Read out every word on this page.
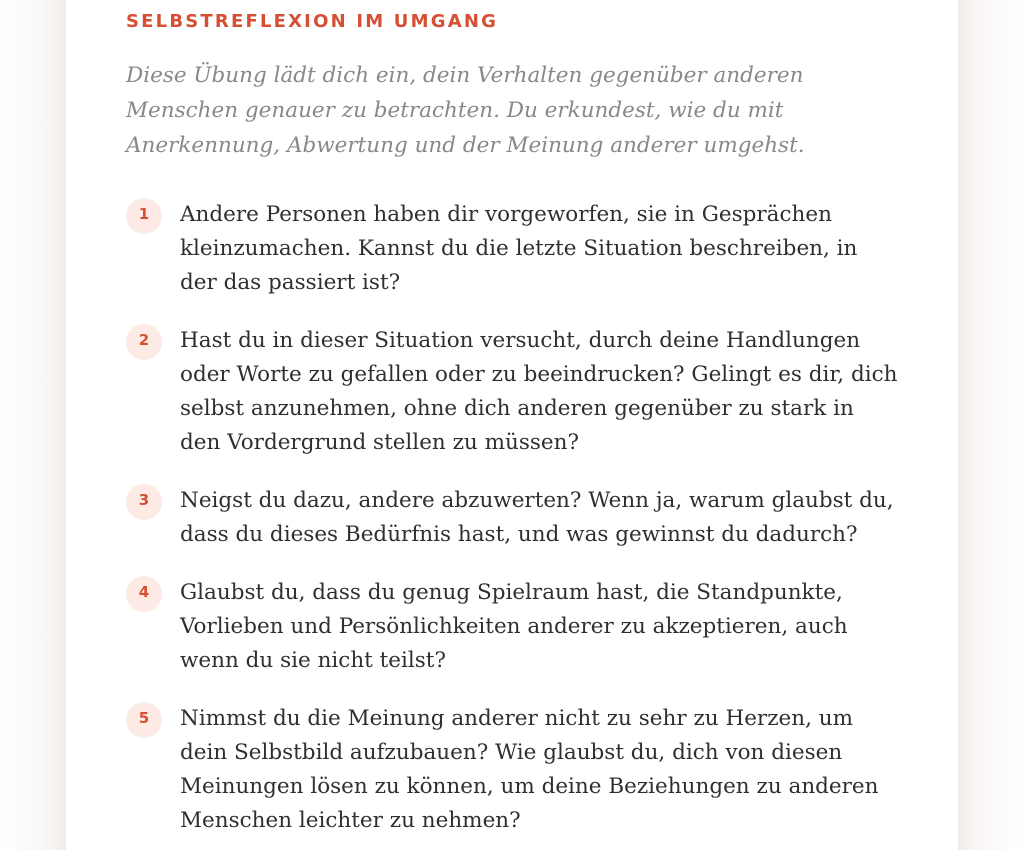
SELBSTREFLEXION IM UMGANG

Diese Übung lädt dich ein, dein Verhalten gegenüber anderen Menschen genauer zu betrachten. Du erkundest, wie du mit Anerkennung, Abwertung und der Meinung anderer umgehst.

1	Andere Personen haben dir vorgeworfen, sie in Gesprächen kleinzumachen. Kannst du die letzte Situation beschreiben, in der das passiert ist?

2	Hast du in dieser Situation versucht, durch deine Handlungen oder Worte zu gefallen oder zu beeindrucken? Gelingt es dir, dich selbst anzunehmen, ohne dich anderen gegenüber zu stark in den Vordergrund stellen zu müssen?

3	Neigst du dazu, andere abzuwerten? Wenn ja, warum glaubst du, dass du dieses Bedürfnis hast, und was gewinnst du dadurch?

4	Glaubst du, dass du genug Spielraum hast, die Standpunkte, Vorlieben und Persönlichkeiten anderer zu akzeptieren, auch wenn du sie nicht teilst?

5	Nimmst du die Meinung anderer nicht zu sehr zu Herzen, um dein Selbstbild aufzubauen? Wie glaubst du, dich von diesen Meinungen lösen zu können, um deine Beziehungen zu anderen Menschen leichter zu nehmen?
